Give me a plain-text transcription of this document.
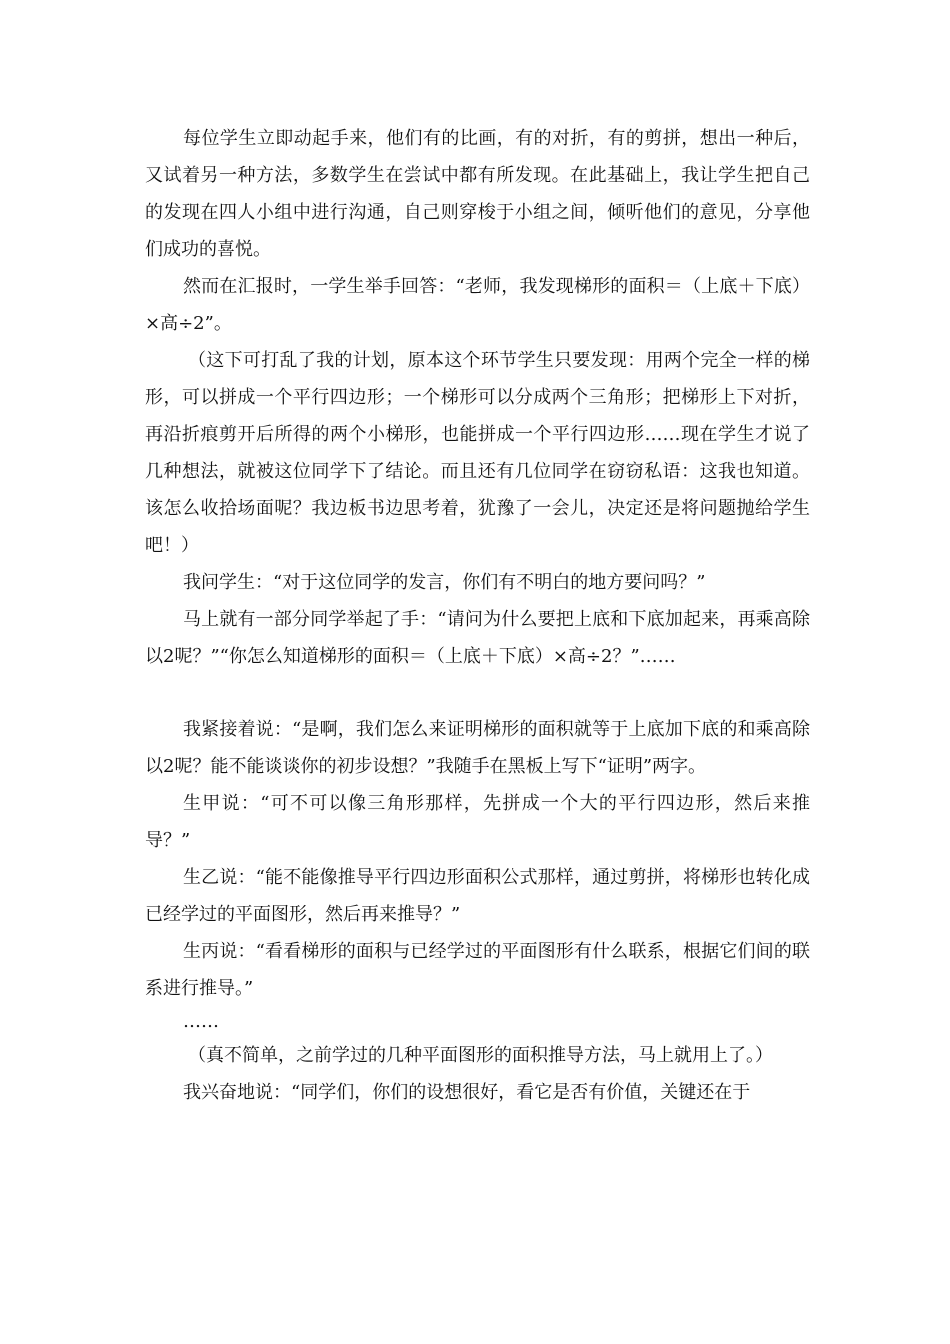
每位学生立即动起手来，他们有的比画，有的对折，有的剪拼，想出一种后，又试着另一种方法，多数学生在尝试中都有所发现。在此基础上，我让学生把自己的发现在四人小组中进行沟通，自己则穿梭于小组之间，倾听他们的意见，分享他们成功的喜悦。

然而在汇报时，一学生举手回答：“老师，我发现梯形的面积＝（上底＋下底）×高÷2”。

（这下可打乱了我的计划，原本这个环节学生只要发现：用两个完全一样的梯形，可以拼成一个平行四边形；一个梯形可以分成两个三角形；把梯形上下对折，再沿折痕剪开后所得的两个小梯形，也能拼成一个平行四边形……现在学生才说了几种想法，就被这位同学下了结论。而且还有几位同学在窃窃私语：这我也知道。该怎么收拾场面呢？我边板书边思考着，犹豫了一会儿，决定还是将问题抛给学生吧！）

我问学生：“对于这位同学的发言，你们有不明白的地方要问吗？”

马上就有一部分同学举起了手：“请问为什么要把上底和下底加起来，再乘高除以2呢？”“你怎么知道梯形的面积＝（上底＋下底）×高÷2？”……

我紧接着说：“是啊，我们怎么来证明梯形的面积就等于上底加下底的和乘高除以2呢？能不能谈谈你的初步设想？”我随手在黑板上写下“证明”两字。

生甲说：“可不可以像三角形那样，先拼成一个大的平行四边形，然后来推导？”

生乙说：“能不能像推导平行四边形面积公式那样，通过剪拼，将梯形也转化成已经学过的平面图形，然后再来推导？”

生丙说：“看看梯形的面积与已经学过的平面图形有什么联系，根据它们间的联系进行推导。”

……

（真不简单，之前学过的几种平面图形的面积推导方法，马上就用上了。）

我兴奋地说：“同学们，你们的设想很好，看它是否有价值，关键还在于
